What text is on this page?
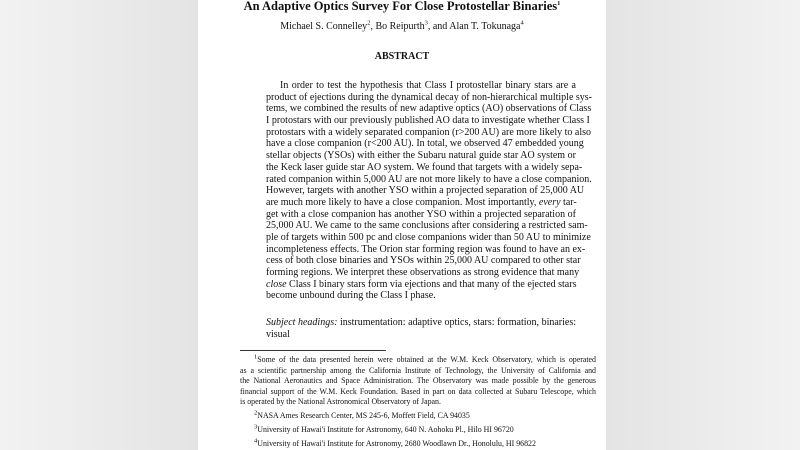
An Adaptive Optics Survey For Close Protostellar Binaries$^1$
Michael S. Connelley$^2$, Bo Reipurth$^3$, and Alan T. Tokunaga$^4$
ABSTRACT
In order to test the hypothesis that Class I protostellar binary stars are a
product of ejections during the dynamical decay of non-hierarchical multiple sys-
tems, we combined the results of new adaptive optics (AO) observations of Class
I protostars with our previously published AO data to investigate whether Class I
protostars with a widely separated companion (r>200 AU) are more likely to also
have a close companion (r<200 AU). In total, we observed 47 embedded young
stellar objects (YSOs) with either the Subaru natural guide star AO system or
the Keck laser guide star AO system. We found that targets with a widely sepa-
rated companion within 5,000 AU are not more likely to have a close companion.
However, targets with another YSO within a projected separation of 25,000 AU
are much more likely to have a close companion. Most importantly, every tar-
get with a close companion has another YSO within a projected separation of
25,000 AU. We came to the same conclusions after considering a restricted sam-
ple of targets within 500 pc and close companions wider than 50 AU to minimize
incompleteness effects. The Orion star forming region was found to have an ex-
cess of both close binaries and YSOs within 25,000 AU compared to other star
forming regions. We interpret these observations as strong evidence that many
close Class I binary stars form via ejections and that many of the ejected stars
become unbound during the Class I phase.
Subject headings: instrumentation: adaptive optics, stars: formation, binaries:
visual
$^1$Some of the data presented herein were obtained at the W.M. Keck Observatory, which is operated
as a scientific partnership among the California Institute of Technology, the University of California and
the National Aeronautics and Space Administration. The Observatory was made possible by the generous
financial support of the W.M. Keck Foundation. Based in part on data collected at Subaru Telescope, which
is operated by the National Astronomical Observatory of Japan.
$^2$NASA Ames Research Center, MS 245-6, Moffett Field, CA 94035
$^3$University of Hawai'i Institute for Astronomy, 640 N. Aohoku Pl., Hilo HI 96720
$^4$University of Hawai'i Institute for Astronomy, 2680 Woodlawn Dr., Honolulu, HI 96822
